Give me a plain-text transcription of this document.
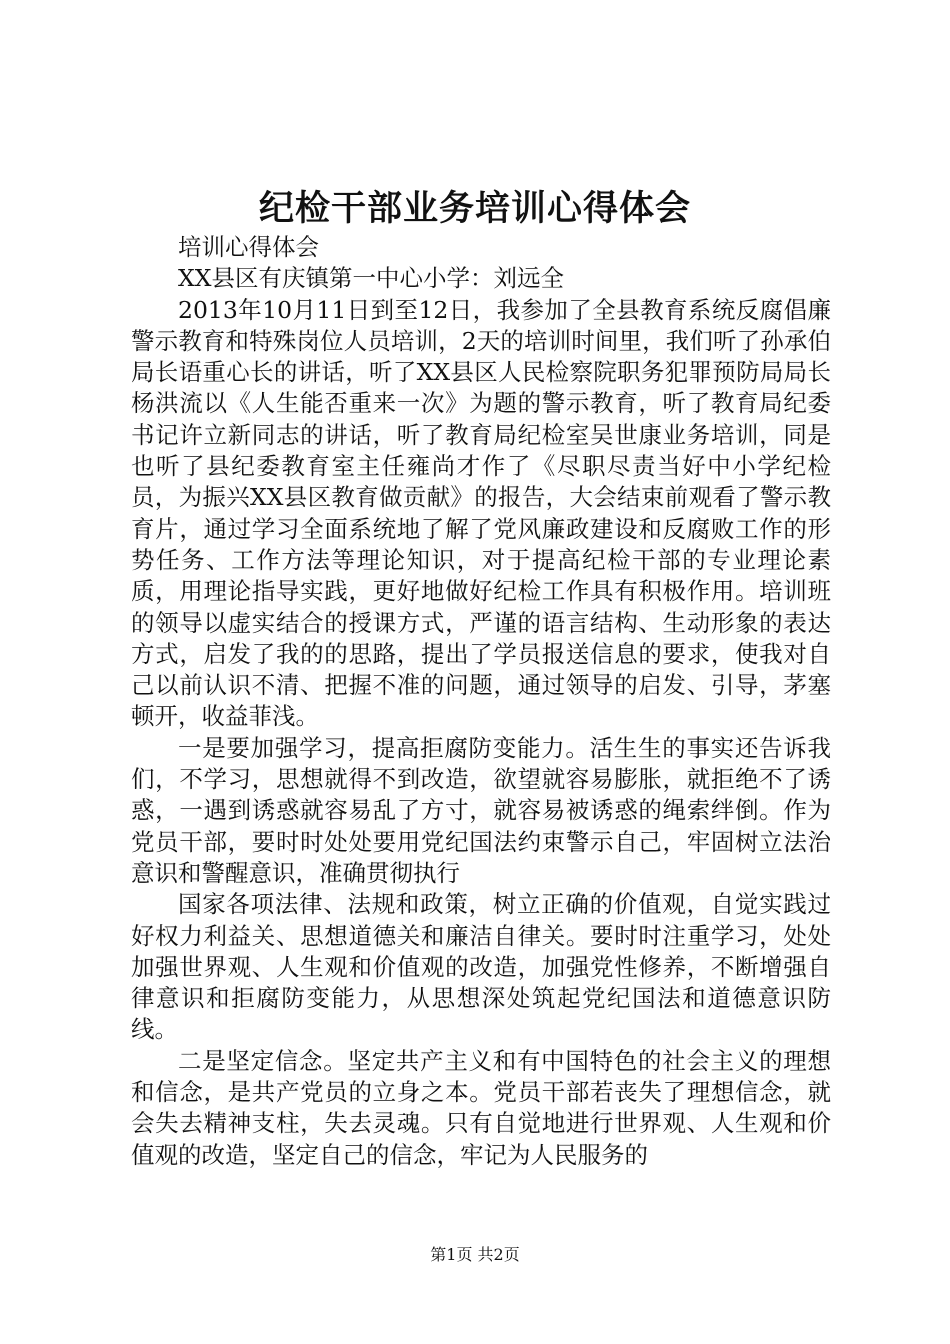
纪检干部业务培训心得体会

培训心得体会

XX县区有庆镇第一中心小学：刘远全

2013年10月11日到至12日，我参加了全县教育系统反腐倡廉警示教育和特殊岗位人员培训，2天的培训时间里，我们听了孙承伯局长语重心长的讲话，听了XX县区人民检察院职务犯罪预防局局长杨洪流以《人生能否重来一次》为题的警示教育，听了教育局纪委书记许立新同志的讲话，听了教育局纪检室吴世康业务培训，同是也听了县纪委教育室主任雍尚才作了《尽职尽责当好中小学纪检员，为振兴XX县区教育做贡献》的报告，大会结束前观看了警示教育片，通过学习全面系统地了解了党风廉政建设和反腐败工作的形势任务、工作方法等理论知识，对于提高纪检干部的专业理论素质，用理论指导实践，更好地做好纪检工作具有积极作用。培训班的领导以虚实结合的授课方式，严谨的语言结构、生动形象的表达方式，启发了我的的思路，提出了学员报送信息的要求，使我对自己以前认识不清、把握不准的问题，通过领导的启发、引导，茅塞顿开，收益菲浅。

一是要加强学习，提高拒腐防变能力。活生生的事实还告诉我们，不学习，思想就得不到改造，欲望就容易膨胀，就拒绝不了诱惑，一遇到诱惑就容易乱了方寸，就容易被诱惑的绳索绊倒。作为党员干部，要时时处处要用党纪国法约束警示自己，牢固树立法治意识和警醒意识，准确贯彻执行

国家各项法律、法规和政策，树立正确的价值观，自觉实践过好权力利益关、思想道德关和廉洁自律关。要时时注重学习，处处加强世界观、人生观和价值观的改造，加强党性修养，不断增强自律意识和拒腐防变能力，从思想深处筑起党纪国法和道德意识防线。

二是坚定信念。坚定共产主义和有中国特色的社会主义的理想和信念，是共产党员的立身之本。党员干部若丧失了理想信念，就会失去精神支柱，失去灵魂。只有自觉地进行世界观、人生观和价值观的改造，坚定自己的信念，牢记为人民服务的

第1页 共2页
